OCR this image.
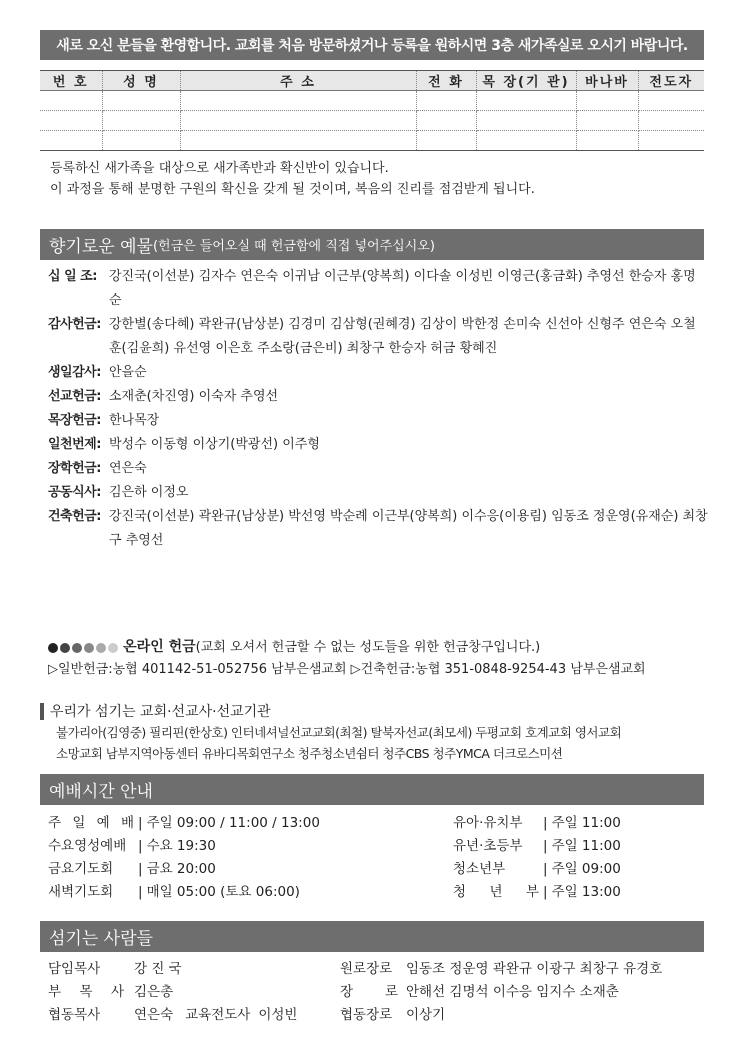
새로 오신 분들을 환영합니다. 교회를 처음 방문하셨거나 등록을 원하시면 3층 새가족실로 오시기 바랍니다.
번 호	성 명	주 소	전 화	목 장(기 관)	바나바	전도자

등록하신 새가족을 대상으로 새가족반과 확신반이 있습니다.
이 과정을 통해 분명한 구원의 확신을 갖게 될 것이며, 복음의 진리를 점검받게 됩니다.
향기로운 예물 (헌금은 들어오실 때 헌금함에 직접 넣어주십시오)
십 일 조: 강진국(이선분) 김자수 연은숙 이귀남 이근부(양복희) 이다솔 이성빈 이영근(홍금화) 추영선 한승자 홍명순
감사헌금: 강한별(송다혜) 곽완규(남상분) 김경미 김삼형(권혜경) 김상이 박한정 손미숙 신선아 신형주 연은숙 오철훈(김윤희) 유선영 이은호 주소랑(금은비) 최창구 한승자 허금 황혜진
생일감사: 안을순
선교헌금: 소재춘(차진영) 이숙자 추영선
목장헌금: 한나목장
일천번제: 박성수 이동형 이상기(박광선) 이주형
장학헌금: 연은숙
공동식사: 김은하 이정오
건축헌금: 강진국(이선분) 곽완규(남상분) 박선영 박순례 이근부(양복희) 이수응(이용림) 임동조 정운영(유재순) 최창구 추영선
온라인 헌금(교회 오셔서 헌금할 수 없는 성도들을 위한 헌금창구입니다.)
▷일반헌금:농협 401142-51-052756 남부은샘교회 ▷건축헌금:농협 351-0848-9254-43 남부은샘교회
우리가 섬기는 교회·선교사·선교기관
불가리아(김영중) 필리핀(한상호) 인터네셔널선교교회(최철) 탈북자선교(최모세) 두평교회 호계교회 영서교회
소망교회 남부지역아동센터 유바디목회연구소 청주청소년쉼터 청주CBS 청주YMCA 더크로스미션
예배시간 안내
주 일 예 배 | 주일 09:00 / 11:00 / 13:00
수요영성예배 | 수요 19:30
금요기도회	| 금요 20:00
새벽기도회	| 매일 05:00 (토요 06:00)
유아·유치부	| 주일 11:00
유년·초등부	| 주일 11:00
청소년부	| 주일 09:00
청 년 부 | 주일 13:00
섬기는 사람들
담임목사	강 진 국
부 목 사 김은총
협동목사	연은숙 교육전도사 이성빈
원로장로	임동조 정운영 곽완규 이광구 최창구 유경호
장 로 안해선 김명석 이수응 임지수 소재춘
협동장로	이상기
